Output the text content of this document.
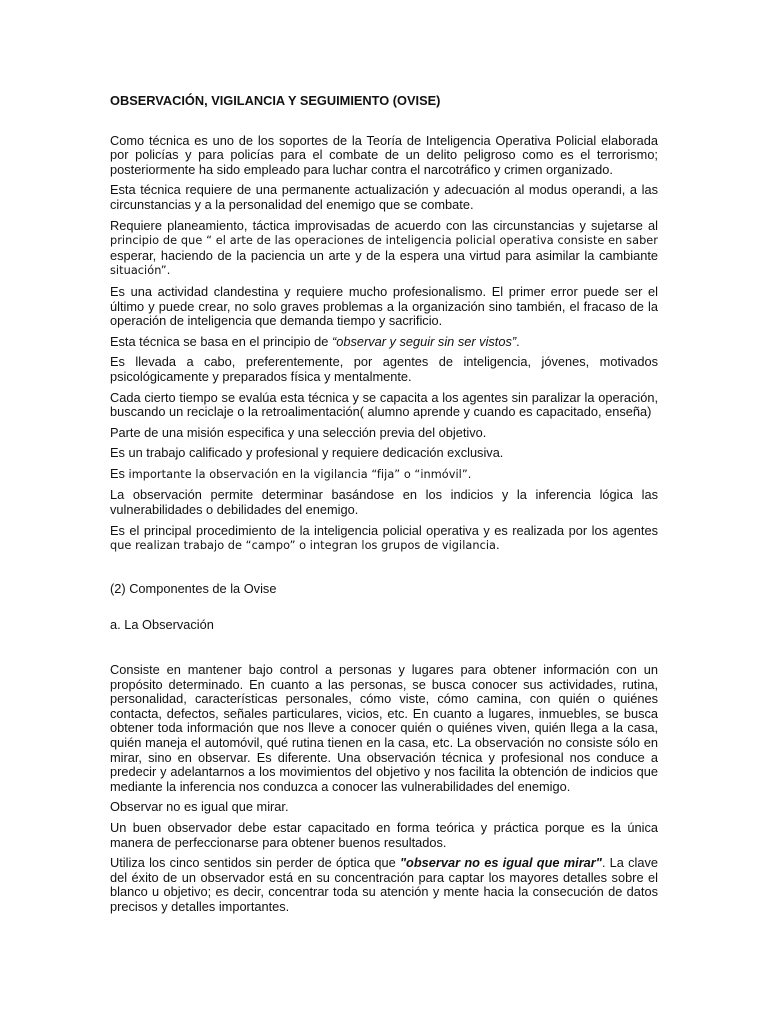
OBSERVACIÓN, VIGILANCIA Y SEGUIMIENTO (OVISE)

Como técnica es uno de los soportes de la Teoría de Inteligencia Operativa Policial elaborada por policías y para policías para el combate de un delito peligroso como es el terrorismo; posteriormente ha sido empleado para luchar contra el narcotráfico y crimen organizado.

Esta técnica requiere de una permanente actualización y adecuación al modus operandi, a las circunstancias y a la personalidad del enemigo que se combate.

Requiere planeamiento, táctica improvisadas de acuerdo con las circunstancias y sujetarse al principio de que “ el arte de las operaciones de inteligencia policial operativa consiste en saber esperar, haciendo de la paciencia un arte y de la espera una virtud para asimilar la cambiante situación”.

Es una actividad clandestina y requiere mucho profesionalismo. El primer error puede ser el último y puede crear, no solo graves problemas a la organización sino también, el fracaso de la operación de inteligencia que demanda tiempo y sacrificio.

Esta técnica se basa en el principio de “observar y seguir sin ser vistos”.

Es llevada a cabo, preferentemente, por agentes de inteligencia, jóvenes, motivados psicológicamente y preparados física y mentalmente.

Cada cierto tiempo se evalúa esta técnica y se capacita a los agentes sin paralizar la operación, buscando un reciclaje o la retroalimentación( alumno aprende y cuando es capacitado, enseña)

Parte de una misión especifica y una selección previa del objetivo.

Es un trabajo calificado y profesional y requiere dedicación exclusiva.

Es importante la observación en la vigilancia “fija” o “inmóvil”.

La observación permite determinar basándose en los indicios y la inferencia lógica las vulnerabilidades o debilidades del enemigo.

Es el principal procedimiento de la inteligencia policial operativa y es realizada por los agentes que realizan trabajo de “campo” o integran los grupos de vigilancia.

(2) Componentes de la Ovise

a. La Observación

Consiste en mantener bajo control a personas y lugares para obtener información con un propósito determinado. En cuanto a las personas, se busca conocer sus actividades, rutina, personalidad, características personales, cómo viste, cómo camina, con quién o quiénes contacta, defectos, señales particulares, vicios, etc. En cuanto a lugares, inmuebles, se busca obtener toda información que nos lleve a conocer quién o quiénes viven, quién llega a la casa, quién maneja el automóvil, qué rutina tienen en la casa, etc. La observación no consiste sólo en mirar, sino en observar. Es diferente. Una observación técnica y profesional nos conduce a predecir y adelantarnos a los movimientos del objetivo y nos facilita la obtención de indicios que mediante la inferencia nos conduzca a conocer las vulnerabilidades del enemigo.

Observar no es igual que mirar.

Un buen observador debe estar capacitado en forma teórica y práctica porque es la única manera de perfeccionarse para obtener buenos resultados.

Utiliza los cinco sentidos sin perder de óptica que "observar no es igual que mirar". La clave del éxito de un observador está en su concentración para captar los mayores detalles sobre el blanco u objetivo; es decir, concentrar toda su atención y mente hacia la consecución de datos precisos y detalles importantes.
